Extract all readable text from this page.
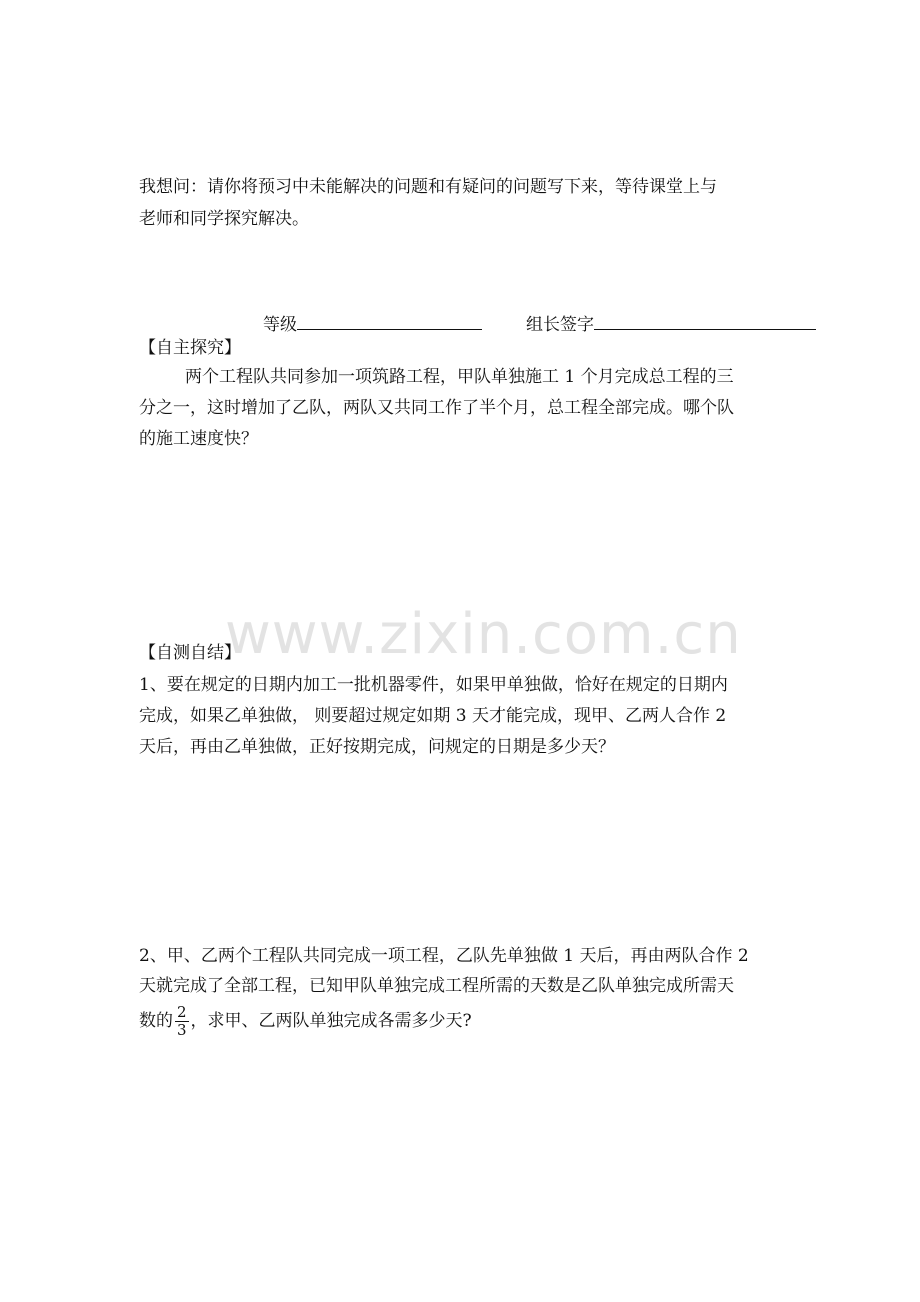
我想问：请你将预习中未能解决的问题和有疑问的问题写下来，等待课堂上与
老师和同学探究解决。
等级	组长签字
【自主探究】
两个工程队共同参加一项筑路工程，甲队单独施工 1 个月完成总工程的三
分之一，这时增加了乙队，两队又共同工作了半个月，总工程全部完成。哪个队
的施工速度快？
www.zixin.com.cn
【自测自结】
1、要在规定的日期内加工一批机器零件，如果甲单独做，恰好在规定的日期内
完成，如果乙单独做， 则要超过规定如期 3 天才能完成，现甲、乙两人合作 2
天后，再由乙单独做，正好按期完成，问规定的日期是多少天？
2、甲、乙两个工程队共同完成一项工程，乙队先单独做 1 天后，再由两队合作 2
天就完成了全部工程，已知甲队单独完成工程所需的天数是乙队单独完成所需天
数的 $\frac{2}{3}$ ，求甲、乙两队单独完成各需多少天?
